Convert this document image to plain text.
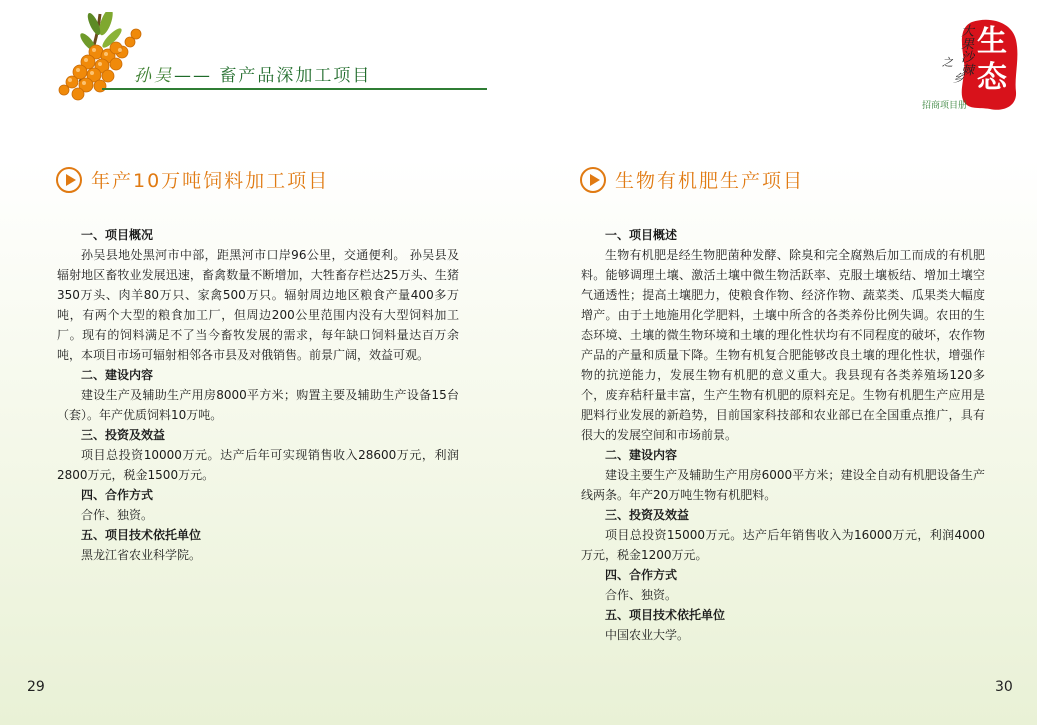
孙吴—— 畜产品深加工项目	大果沙棘
之
乡
生态
招商项目册
年产10万吨饲料加工项目	生物有机肥生产项目

一、项目概况

孙吴县地处黑河市中部，距黑河市口岸96公里，交通便利。 孙吴县及辐射地区畜牧业发展迅速，畜禽数量不断增加，大牲畜存栏达25万头、生猪350万头、肉羊80万只、家禽500万只。辐射周边地区粮食产量400多万吨，有两个大型的粮食加工厂，但周边200公里范围内没有大型饲料加工厂。现有的饲料满足不了当今畜牧发展的需求，每年缺口饲料量达百万余吨，本项目市场可辐射相邻各市县及对俄销售。前景广阔，效益可观。

二、建设内容

建设生产及辅助生产用房8000平方米；购置主要及辅助生产设备15台（套）。年产优质饲料10万吨。

三、投资及效益

项目总投资10000万元。达产后年可实现销售收入28600万元，利润2800万元，税金1500万元。

四、合作方式

合作、独资。

五、项目技术依托单位

黑龙江省农业科学院。

一、项目概述

生物有机肥是经生物肥菌种发酵、除臭和完全腐熟后加工而成的有机肥料。能够调理土壤、激活土壤中微生物活跃率、克服土壤板结、增加土壤空气通透性；提高土壤肥力，使粮食作物、经济作物、蔬菜类、瓜果类大幅度增产。由于土地施用化学肥料，土壤中所含的各类养份比例失调。农田的生态环境、土壤的微生物环境和土壤的理化性状均有不同程度的破坏，农作物产品的产量和质量下降。生物有机复合肥能够改良土壤的理化性状，增强作物的抗逆能力，发展生物有机肥的意义重大。我县现有各类养殖场120多个，废弃秸秆量丰富，生产生物有机肥的原料充足。生物有机肥生产应用是肥料行业发展的新趋势，目前国家科技部和农业部已在全国重点推广，具有很大的发展空间和市场前景。

二、建设内容

建设主要生产及辅助生产用房6000平方米；建设全自动有机肥设备生产线两条。年产20万吨生物有机肥料。

三、投资及效益

项目总投资15000万元。达产后年销售收入为16000万元，利润4000万元，税金1200万元。

四、合作方式

合作、独资。

五、项目技术依托单位

中国农业大学。

29	30
